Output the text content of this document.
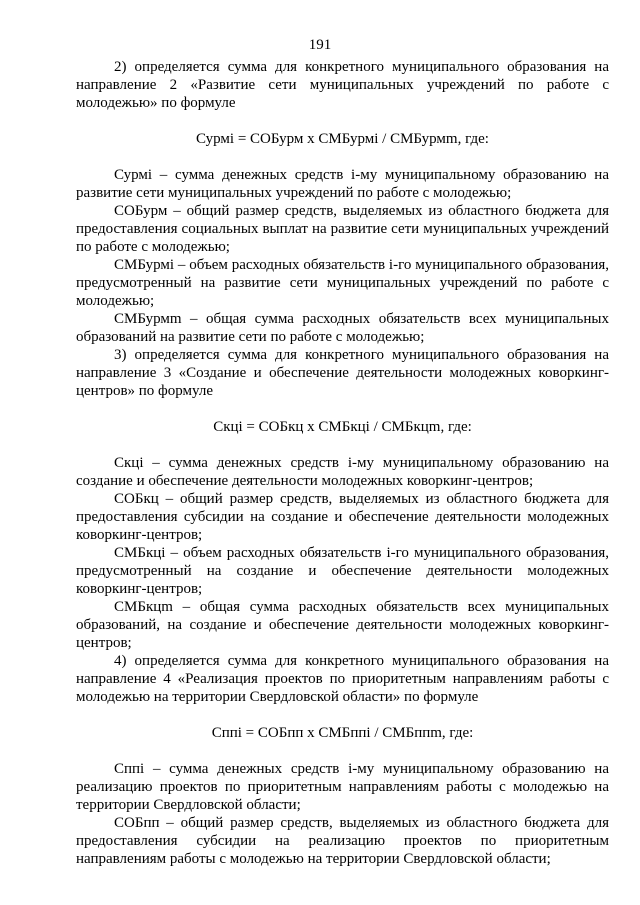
191

2) определяется сумма для конкретного муниципального образования на направление 2 «Развитие сети муниципальных учреждений по работе с молодежью» по формуле

Сурмi = СОБурм x СМБурмi / СМБурмm, где:

Сурмi – сумма денежных средств i-му муниципальному образованию на развитие сети муниципальных учреждений по работе с молодежью;

СОБурм – общий размер средств, выделяемых из областного бюджета для предоставления социальных выплат на развитие сети муниципальных учреждений по работе с молодежью;

СМБурмi – объем расходных обязательств i-го муниципального образования, предусмотренный на развитие сети муниципальных учреждений по работе с молодежью;

СМБурмm – общая сумма расходных обязательств всех муниципальных образований на развитие сети по работе с молодежью;

3) определяется сумма для конкретного муниципального образования на направление 3 «Создание и обеспечение деятельности молодежных коворкинг-центров» по формуле

Скцi = СОБкц x СМБкцi / СМБкцm, где:

Скцi – сумма денежных средств i-му муниципальному образованию на создание и обеспечение деятельности молодежных коворкинг-центров;

СОБкц – общий размер средств, выделяемых из областного бюджета для предоставления субсидии на создание и обеспечение деятельности молодежных коворкинг-центров;

СМБкцi – объем расходных обязательств i-го муниципального образования, предусмотренный на создание и обеспечение деятельности молодежных коворкинг-центров;

СМБкцm – общая сумма расходных обязательств всех муниципальных образований, на создание и обеспечение деятельности молодежных коворкинг-центров;

4) определяется сумма для конкретного муниципального образования на направление 4 «Реализация проектов по приоритетным направлениям работы с молодежью на территории Свердловской области» по формуле

Сппi = СОБпп x СМБппi / СМБппm, где:

Сппi – сумма денежных средств i-му муниципальному образованию на реализацию проектов по приоритетным направлениям работы с молодежью на территории Свердловской области;

СОБпп – общий размер средств, выделяемых из областного бюджета для предоставления субсидии на реализацию проектов по приоритетным направлениям работы с молодежью на территории Свердловской области;
